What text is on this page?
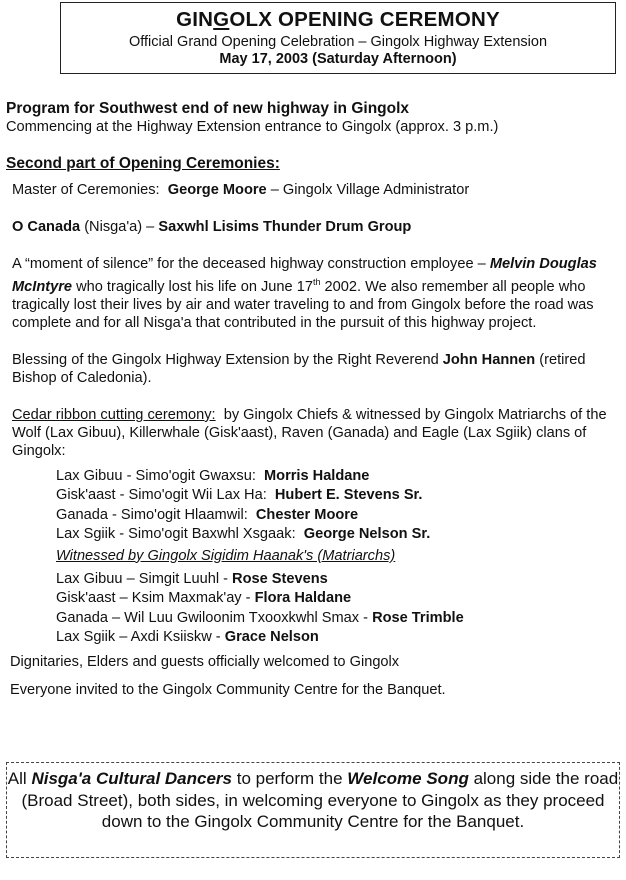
GINGOLX OPENING CEREMONY
Official Grand Opening Celebration – Gingolx Highway Extension
May 17, 2003 (Saturday Afternoon)

Program for Southwest end of new highway in Gingolx

Commencing at the Highway Extension entrance to Gingolx (approx. 3 p.m.)

Second part of Opening Ceremonies:

Master of Ceremonies: George Moore – Gingolx Village Administrator

O Canada (Nisga'a) – Saxwhl Lisims Thunder Drum Group

A “moment of silence” for the deceased highway construction employee – Melvin Douglas McIntyre who tragically lost his life on June 17th 2002. We also remember all people who tragically lost their lives by air and water traveling to and from Gingolx before the road was complete and for all Nisga'a that contributed in the pursuit of this highway project.

Blessing of the Gingolx Highway Extension by the Right Reverend John Hannen (retired Bishop of Caledonia).

Cedar ribbon cutting ceremony: by Gingolx Chiefs & witnessed by Gingolx Matriarchs of the Wolf (Lax Gibuu), Killerwhale (Gisk'aast), Raven (Ganada) and Eagle (Lax Sgiik) clans of Gingolx:

Lax Gibuu - Simo'ogit Gwaxsu: Morris Haldane

Gisk'aast - Simo'ogit Wii Lax Ha: Hubert E. Stevens Sr.

Ganada - Simo'ogit Hlaamwil: Chester Moore

Lax Sgiik - Simo'ogit Baxwhl Xsgaak: George Nelson Sr.

Witnessed by Gingolx Sigidim Haanak's (Matriarchs)

Lax Gibuu – Simgit Luuhl - Rose Stevens

Gisk'aast – Ksim Maxmak'ay - Flora Haldane

Ganada – Wil Luu Gwiloonim Txooxkwhl Smax - Rose Trimble

Lax Sgiik – Axdi Ksiiskw - Grace Nelson

Dignitaries, Elders and guests officially welcomed to Gingolx

Everyone invited to the Gingolx Community Centre for the Banquet.

All Nisga'a Cultural Dancers to perform the Welcome Song along side the road (Broad Street), both sides, in welcoming everyone to Gingolx as they proceed down to the Gingolx Community Centre for the Banquet.
